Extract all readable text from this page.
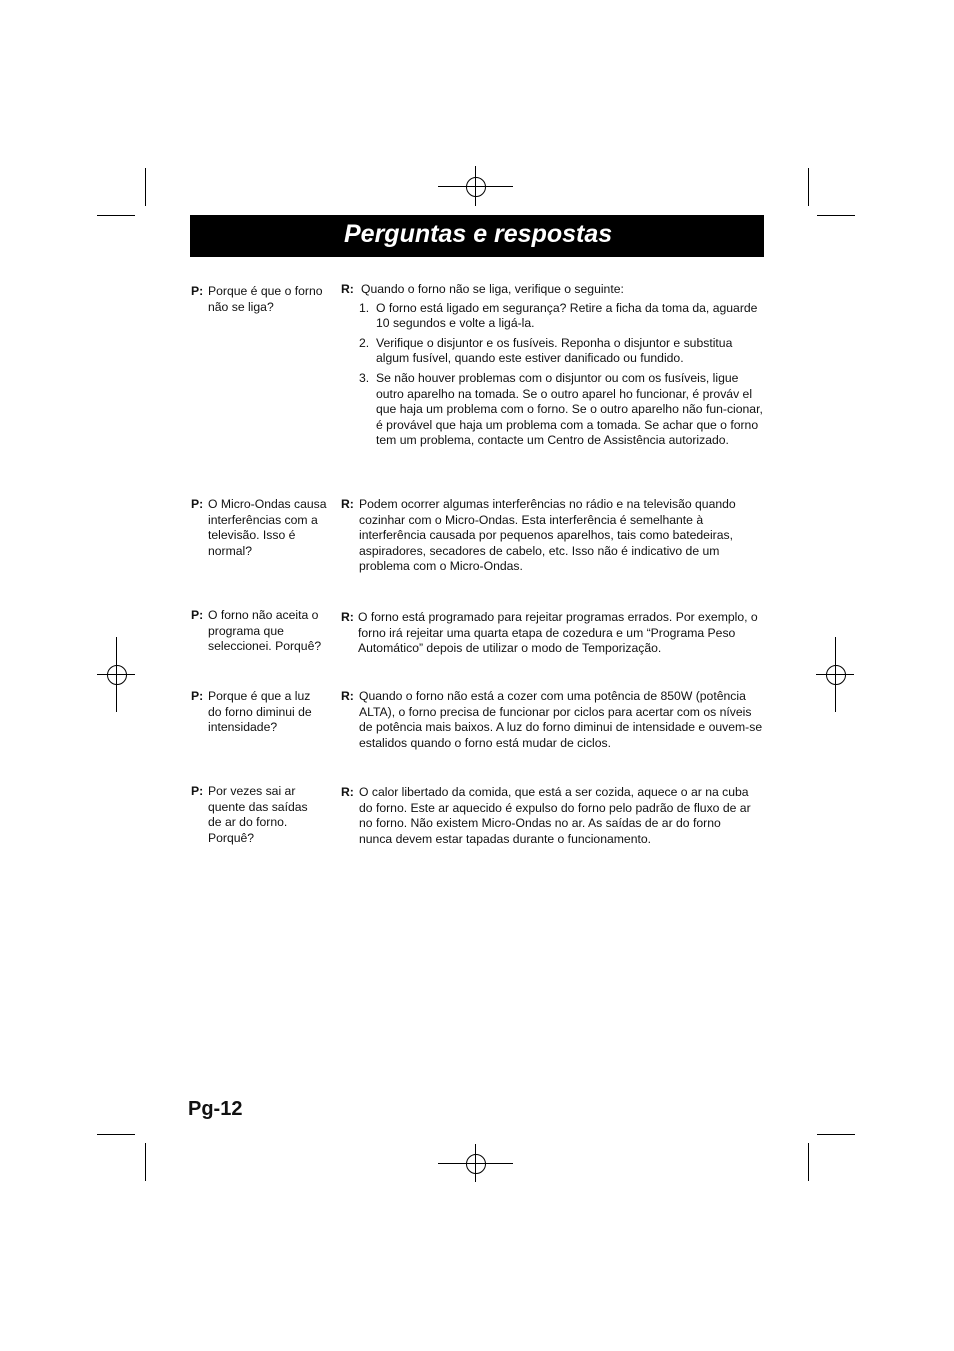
Perguntas e respostas
P: Porque é que o forno não se liga?
R: Quando o forno não se liga, verifique o seguinte:
1. O forno está ligado em segurança? Retire a ficha da toma da, aguarde 10 segundos e volte a ligá-la.
2. Verifique o disjuntor e os fusíveis. Reponha o disjuntor e substitua algum fusível, quando este estiver danificado ou fundido.
3. Se não houver problemas com o disjuntor ou com os fusíveis, ligue outro aparelho na tomada. Se o outro aparel ho funcionar, é prováv el que haja um problema com o forno. Se o outro aparelho não fun-cionar, é provável que haja um problema com a tomada. Se achar que o forno tem um problema, contacte um Centro de Assistência autorizado.
P: O Micro-Ondas causa interferências com a televisão. Isso é normal?
R: Podem ocorrer algumas interferências no rádio e na televisão quando cozinhar com o Micro-Ondas. Esta interferência é semelhante à interferência causada por pequenos aparelhos, tais como batedeiras, aspiradores, secadores de cabelo, etc. Isso não é indicativo de um problema com o Micro-Ondas.
P: O forno não aceita o programa que seleccionei. Porquê?
R: O forno está programado para rejeitar programas errados. Por exemplo, o forno irá rejeitar uma quarta etapa de cozedura e um “Programa Peso Automático” depois de utilizar o modo de Temporização.
P: Porque é que a luz do forno diminui de intensidade?
R: Quando o forno não está a cozer com uma potência de 850W (potência ALTA), o forno precisa de funcionar por ciclos para acertar com os níveis de potência mais baixos. A luz do forno diminui de intensidade e ouvem-se estalidos quando o forno está mudar de ciclos.
P: Por vezes sai ar quente das saídas de ar do forno. Porquê?
R: O calor libertado da comida, que está a ser cozida, aquece o ar na cuba do forno. Este ar aquecido é expulso do forno pelo padrão de fluxo de ar no forno. Não existem Micro-Ondas no ar. As saídas de ar do forno nunca devem estar tapadas durante o funcionamento.
Pg-12
